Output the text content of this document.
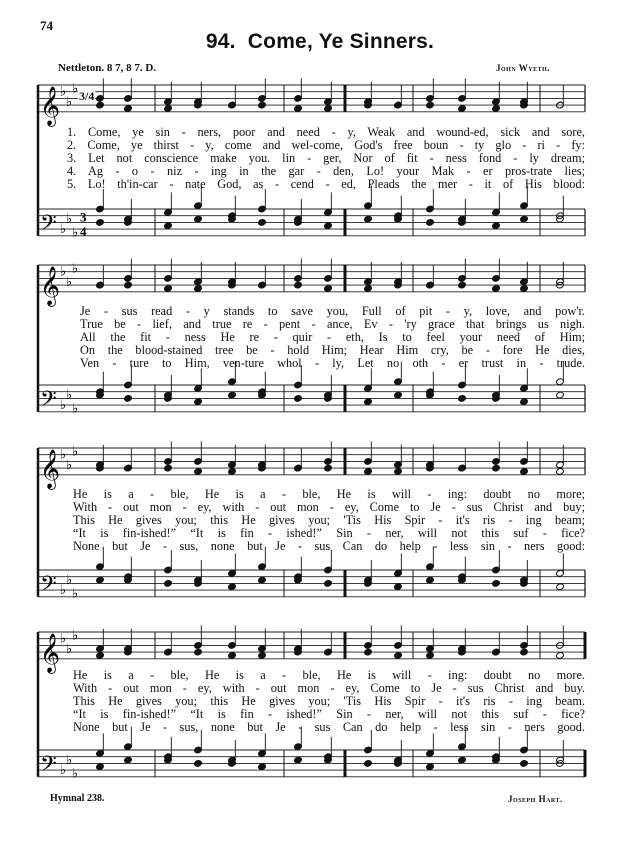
74
94. Come, Ye Sinners.
Nettleton. 8 7, 8 7. D.	John Wyeth.
𝄞 ♭
♭
♭
𝄢 ♭
♭
♭
3
4
𝄞 ♭
♭
♭
𝄢 ♭
♭
♭
𝄞 ♭
♭
♭
𝄢 ♭
♭
♭
𝄞 ♭
♭
♭
𝄢 ♭
♭
♭
3/4
1. Come, ye sin - ners, poor and need - y, Weak and wound-ed, sick and sore,
2. Come, ye thirst - y, come and wel-come, God's free boun - ty glo - ri - fy:
3. Let not conscience make you. lin - ger, Nor of fit - ness fond - ly dream;
4. Ag - o - niz - ing in the gar - den, Lo! your Mak - er pros-trate lies;
5. Lo! th'in-car - nate God, as - cend - ed, Pleads the mer - it of His blood:
Je - sus read - y stands to save you, Full of pit - y, love, and pow'r.
True be - lief, and true re - pent - ance, Ev - 'ry grace that brings us nigh.
All the fit - ness He re - quir - eth, Is to feel your need of Him;
On the blood-stained tree be - hold Him; Hear Him cry, be - fore He dies,
Ven - ture to Him, ven-ture whol - ly, Let no oth - er trust in - trude.
He is a - ble, He is a - ble, He is will - ing: doubt no more;
With - out mon - ey, with - out mon - ey, Come to Je - sus Christ and buy;
This He gives you; this He gives you; 'Tis His Spir - it's ris - ing beam;
“It is fin-ished!” “It is fin - ished!” Sin - ner, will not this suf - fice?
None but Je - sus, none but Je - sus Can do help - less sin - ners good:
He is a - ble, He is a - ble, He is will - ing: doubt no more.
With - out mon - ey, with - out mon - ey, Come to Je - sus Christ and buy.
This He gives you; this He gives you; 'Tis His Spir - it's ris - ing beam.
“It is fin-ished!” “It is fin - ished!” Sin - ner, will not this suf - fice?
None but Je - sus, none but Je - sus Can do help - less sin - ners good.
Hymnal 238.	Joseph Hart.
